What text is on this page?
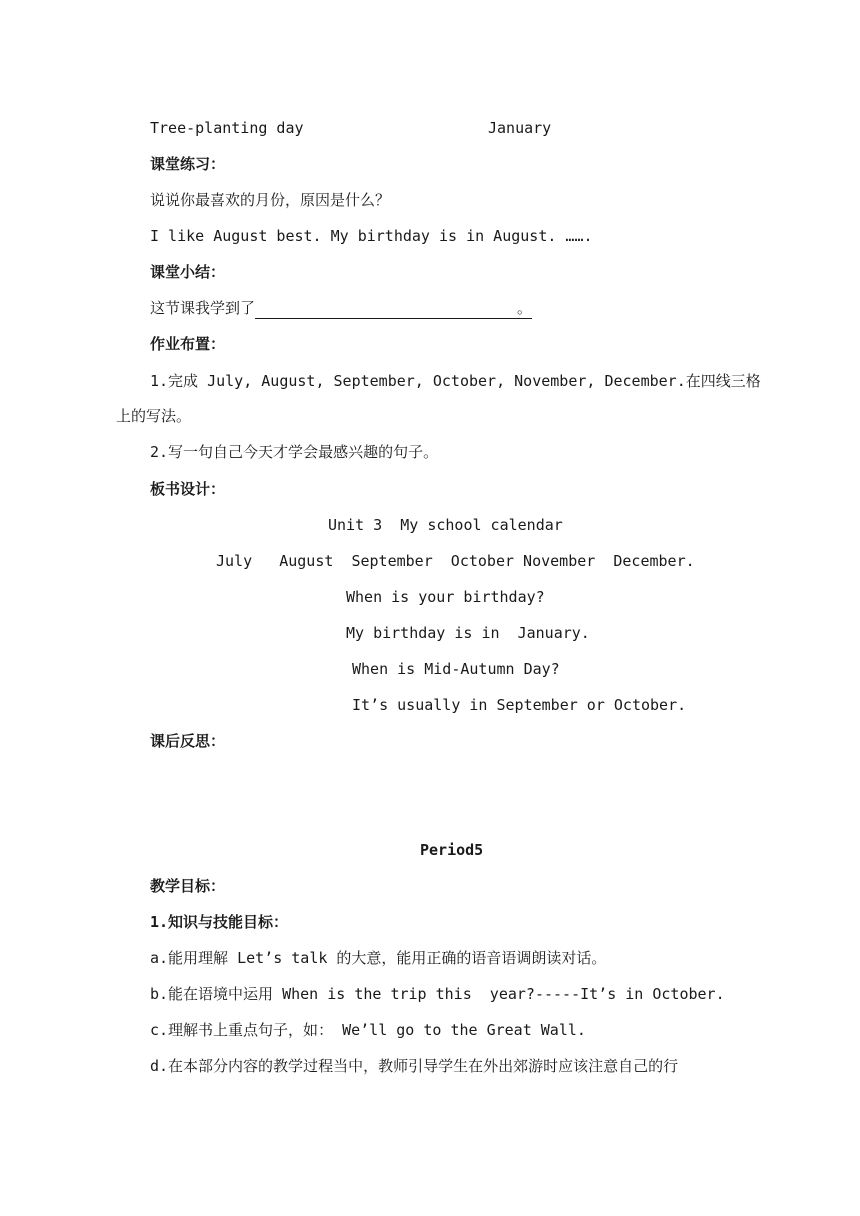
Tree-planting day	January
课堂练习：
说说你最喜欢的月份，原因是什么？
I like August best. My birthday is in August. …….
课堂小结：
这节课我学到了	。
作业布置：
1.完成 July, August, September, October, November, December.在四线三格
上的写法。
2.写一句自己今天才学会最感兴趣的句子。
板书设计：
Unit 3  My school calendar
July   August  September  October November  December.
When is your birthday?
My birthday is in  January.
When is Mid-Autumn Day?
It’s usually in September or October.
课后反思：
Period5
教学目标：
1.知识与技能目标：
a.能用理解 Let’s talk 的大意，能用正确的语音语调朗读对话。
b.能在语境中运用 When is the trip this  year?-----It’s in October.
c.理解书上重点句子，如： We’ll go to the Great Wall.
d.在本部分内容的教学过程当中，教师引导学生在外出郊游时应该注意自己的行
